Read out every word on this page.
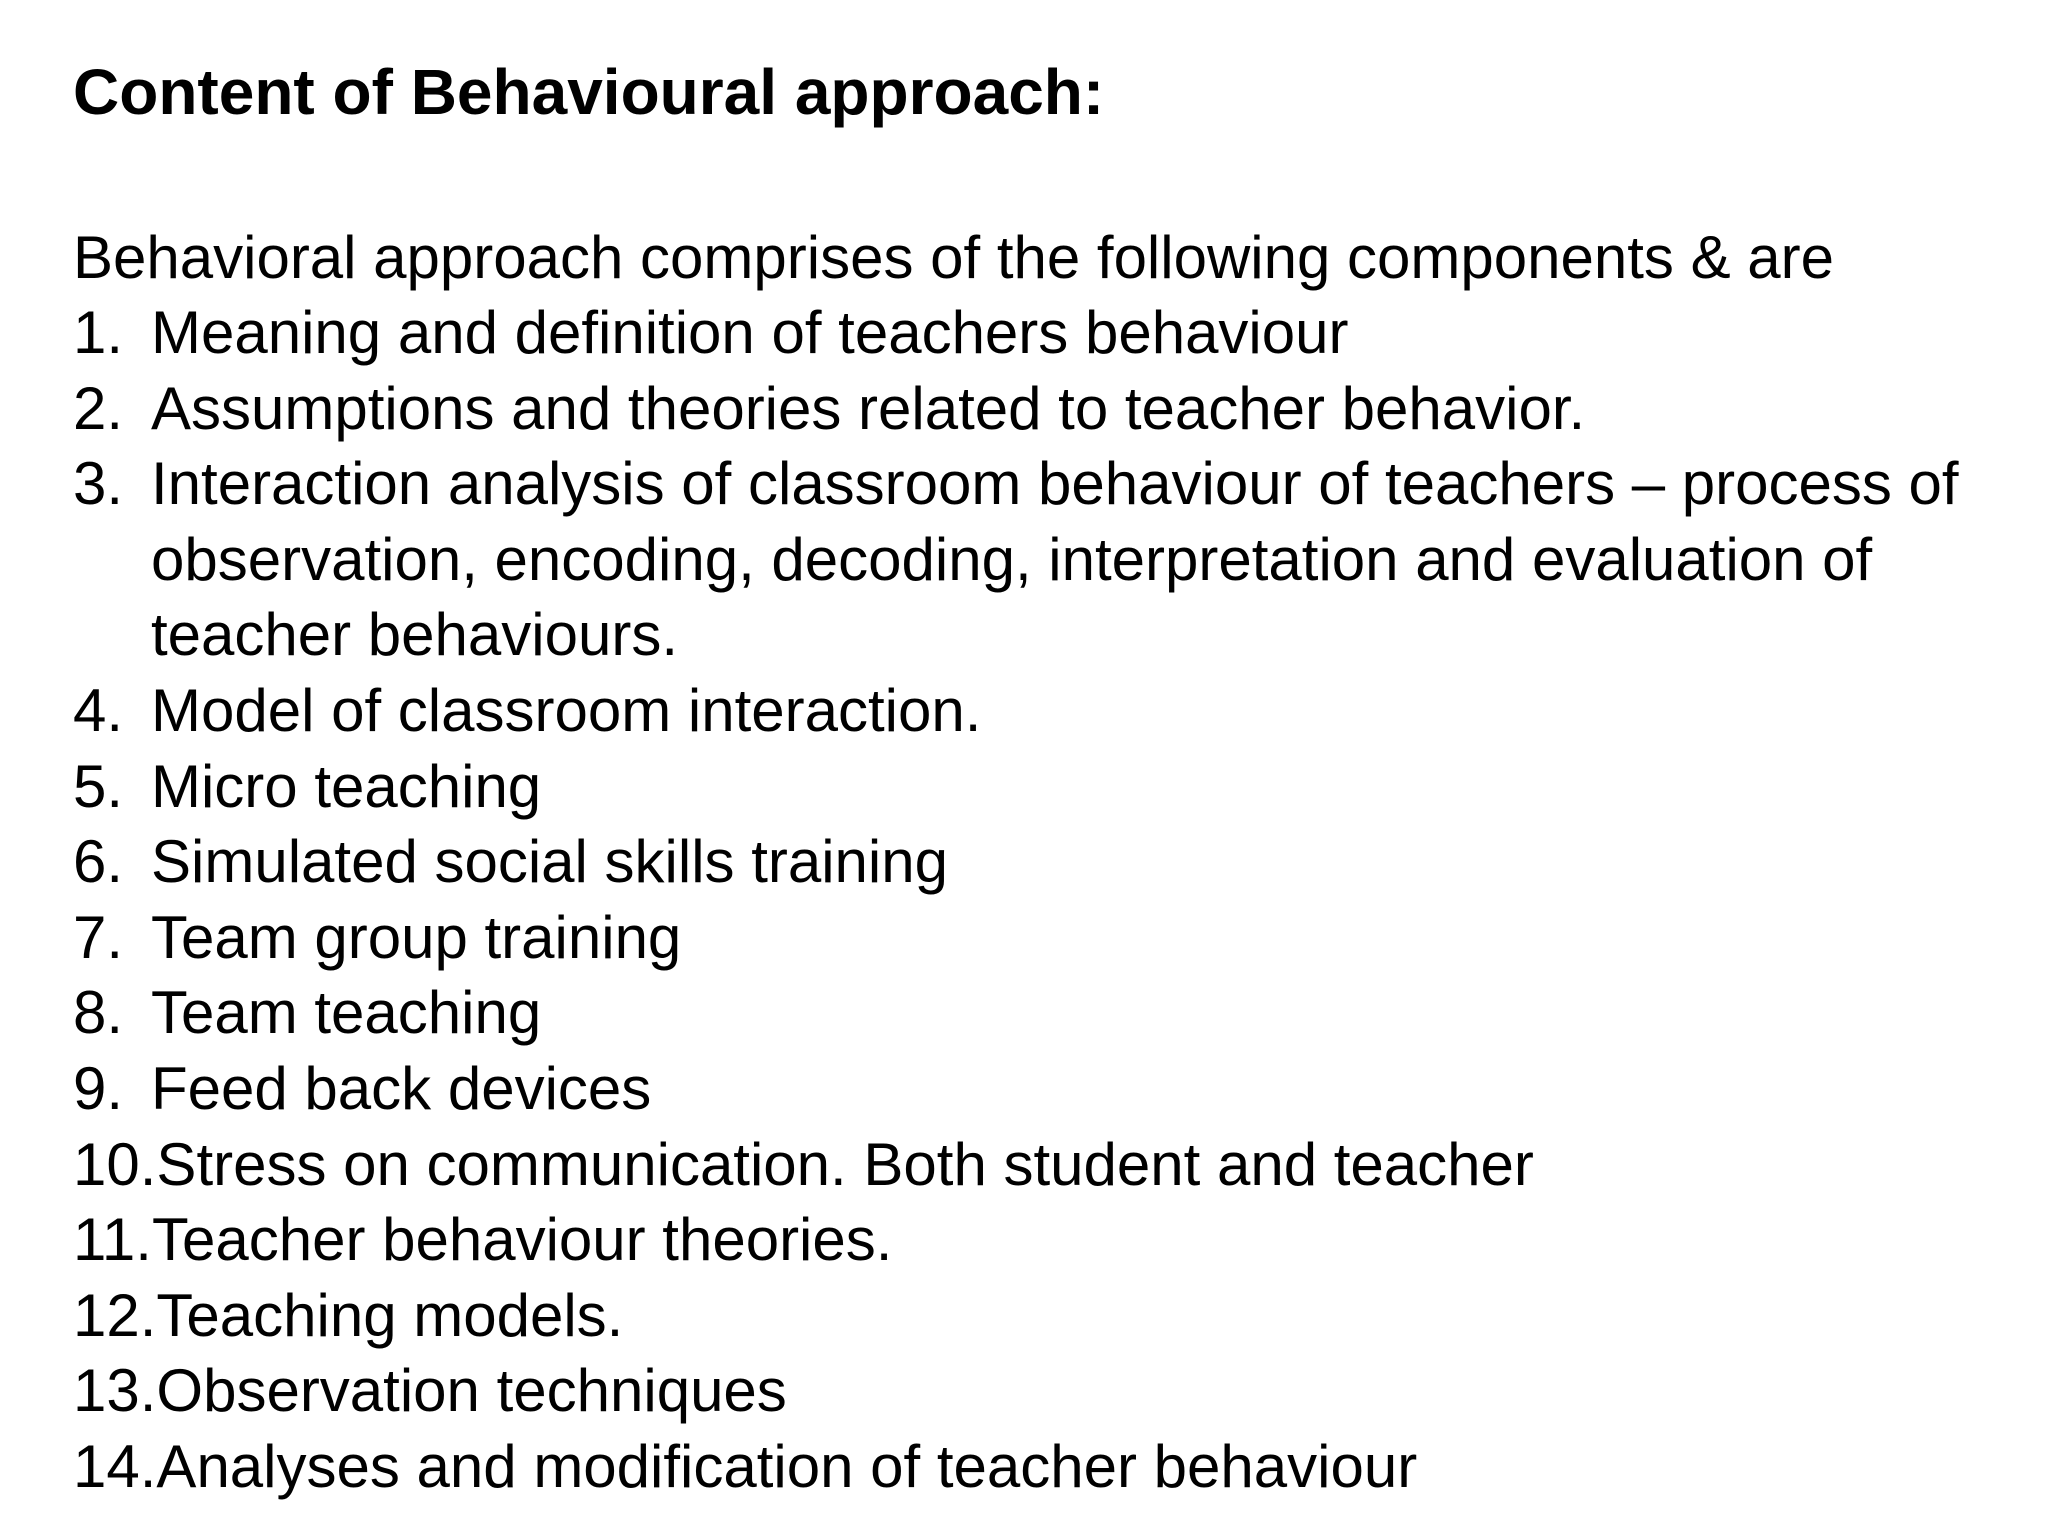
Content of Behavioural approach:

Behavioral approach comprises of the following components & are

1. Meaning and definition of teachers behaviour
2. Assumptions and theories related to teacher behavior.
3. Interaction analysis of classroom behaviour of teachers – process of observation, encoding, decoding, interpretation and evaluation of teacher behaviours.
4. Model of classroom interaction.
5. Micro teaching
6. Simulated social skills training
7. Team group training
8. Team teaching
9. Feed back devices
10. Stress on communication. Both student and teacher
11. Teacher behaviour theories.
12. Teaching models.
13. Observation techniques
14. Analyses and modification of teacher behaviour
